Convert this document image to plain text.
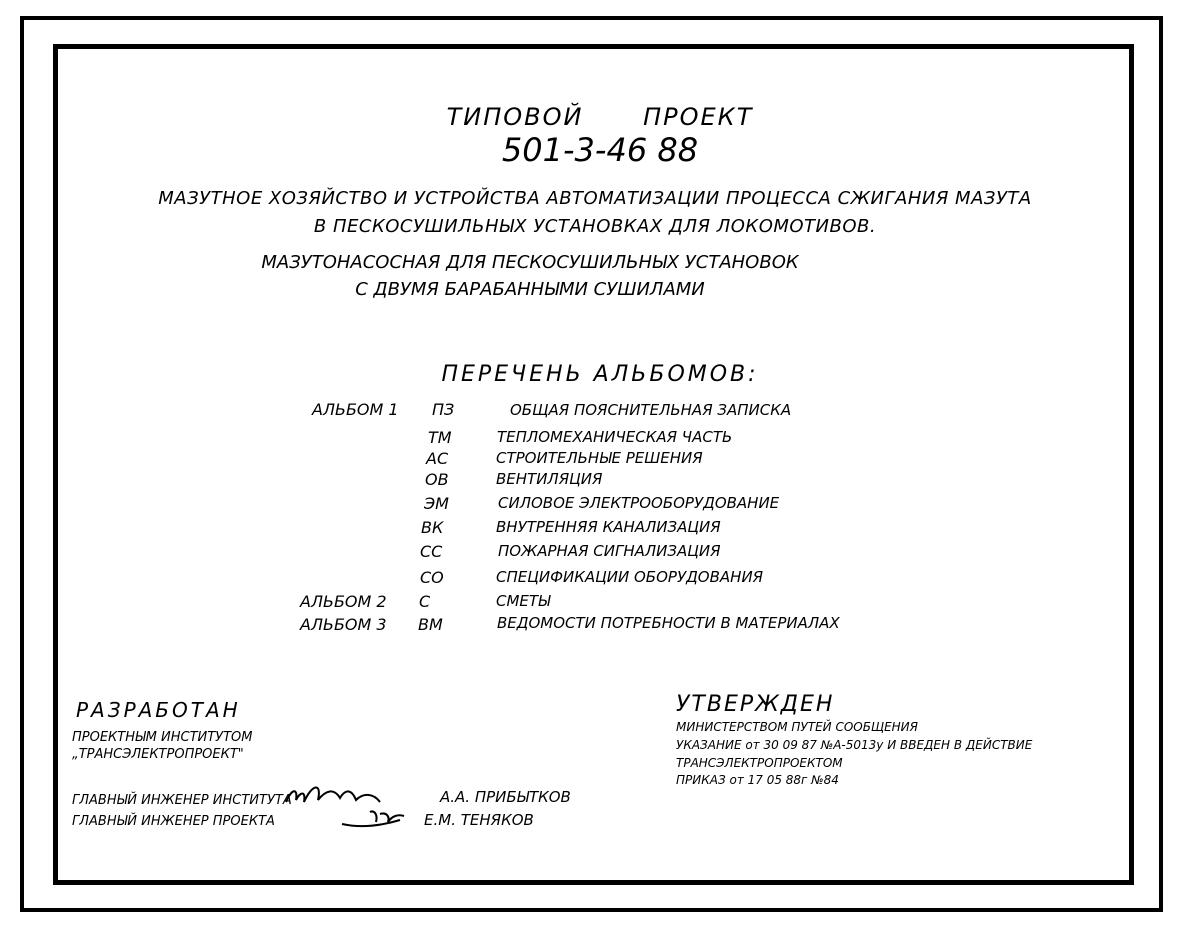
ТИПОВОЙ ПРОЕКТ
501-3-46 88
МАЗУТНОЕ ХОЗЯЙСТВО И УСТРОЙСТВА АВТОМАТИЗАЦИИ ПРОЦЕССА СЖИГАНИЯ МАЗУТА
В ПЕСКОСУШИЛЬНЫХ УСТАНОВКАХ ДЛЯ ЛОКОМОТИВОВ.
МАЗУТОНАСОСНАЯ ДЛЯ ПЕСКОСУШИЛЬНЫХ УСТАНОВОК
С ДВУМЯ БАРАБАННЫМИ СУШИЛАМИ
ПЕРЕЧЕНЬ АЛЬБОМОВ:
АЛЬБОМ 1 ПЗ	ОБЩАЯ ПОЯСНИТЕЛЬНАЯ ЗАПИСКА
ТМ	ТЕПЛОМЕХАНИЧЕСКАЯ ЧАСТЬ
АС	СТРОИТЕЛЬНЫЕ РЕШЕНИЯ
ОВ	ВЕНТИЛЯЦИЯ
ЭМ	СИЛОВОЕ ЭЛЕКТРООБОРУДОВАНИЕ
ВК	ВНУТРЕННЯЯ КАНАЛИЗАЦИЯ
СС	ПОЖАРНАЯ СИГНАЛИЗАЦИЯ
СО	СПЕЦИФИКАЦИИ ОБОРУДОВАНИЯ
АЛЬБОМ 2 С	СМЕТЫ
АЛЬБОМ 3 ВМ	ВЕДОМОСТИ ПОТРЕБНОСТИ В МАТЕРИАЛАХ
РАЗРАБОТАН
ПРОЕКТНЫМ ИНСТИТУТОМ
„ТРАНСЭЛЕКТРОПРОЕКТ"
ГЛАВНЫЙ ИНЖЕНЕР ИНСТИТУТА	А.А. ПРИБЫТКОВ
ГЛАВНЫЙ ИНЖЕНЕР ПРОЕКТА	Е.М. ТЕНЯКОВ
УТВЕРЖДЕН
МИНИСТЕРСТВОМ ПУТЕЙ СООБЩЕНИЯ
УКАЗАНИЕ от 30 09 87 №А-5013у И ВВЕДЕН В ДЕЙСТВИЕ
ТРАНСЭЛЕКТРОПРОЕКТОМ
ПРИКАЗ от 17 05 88г №84
